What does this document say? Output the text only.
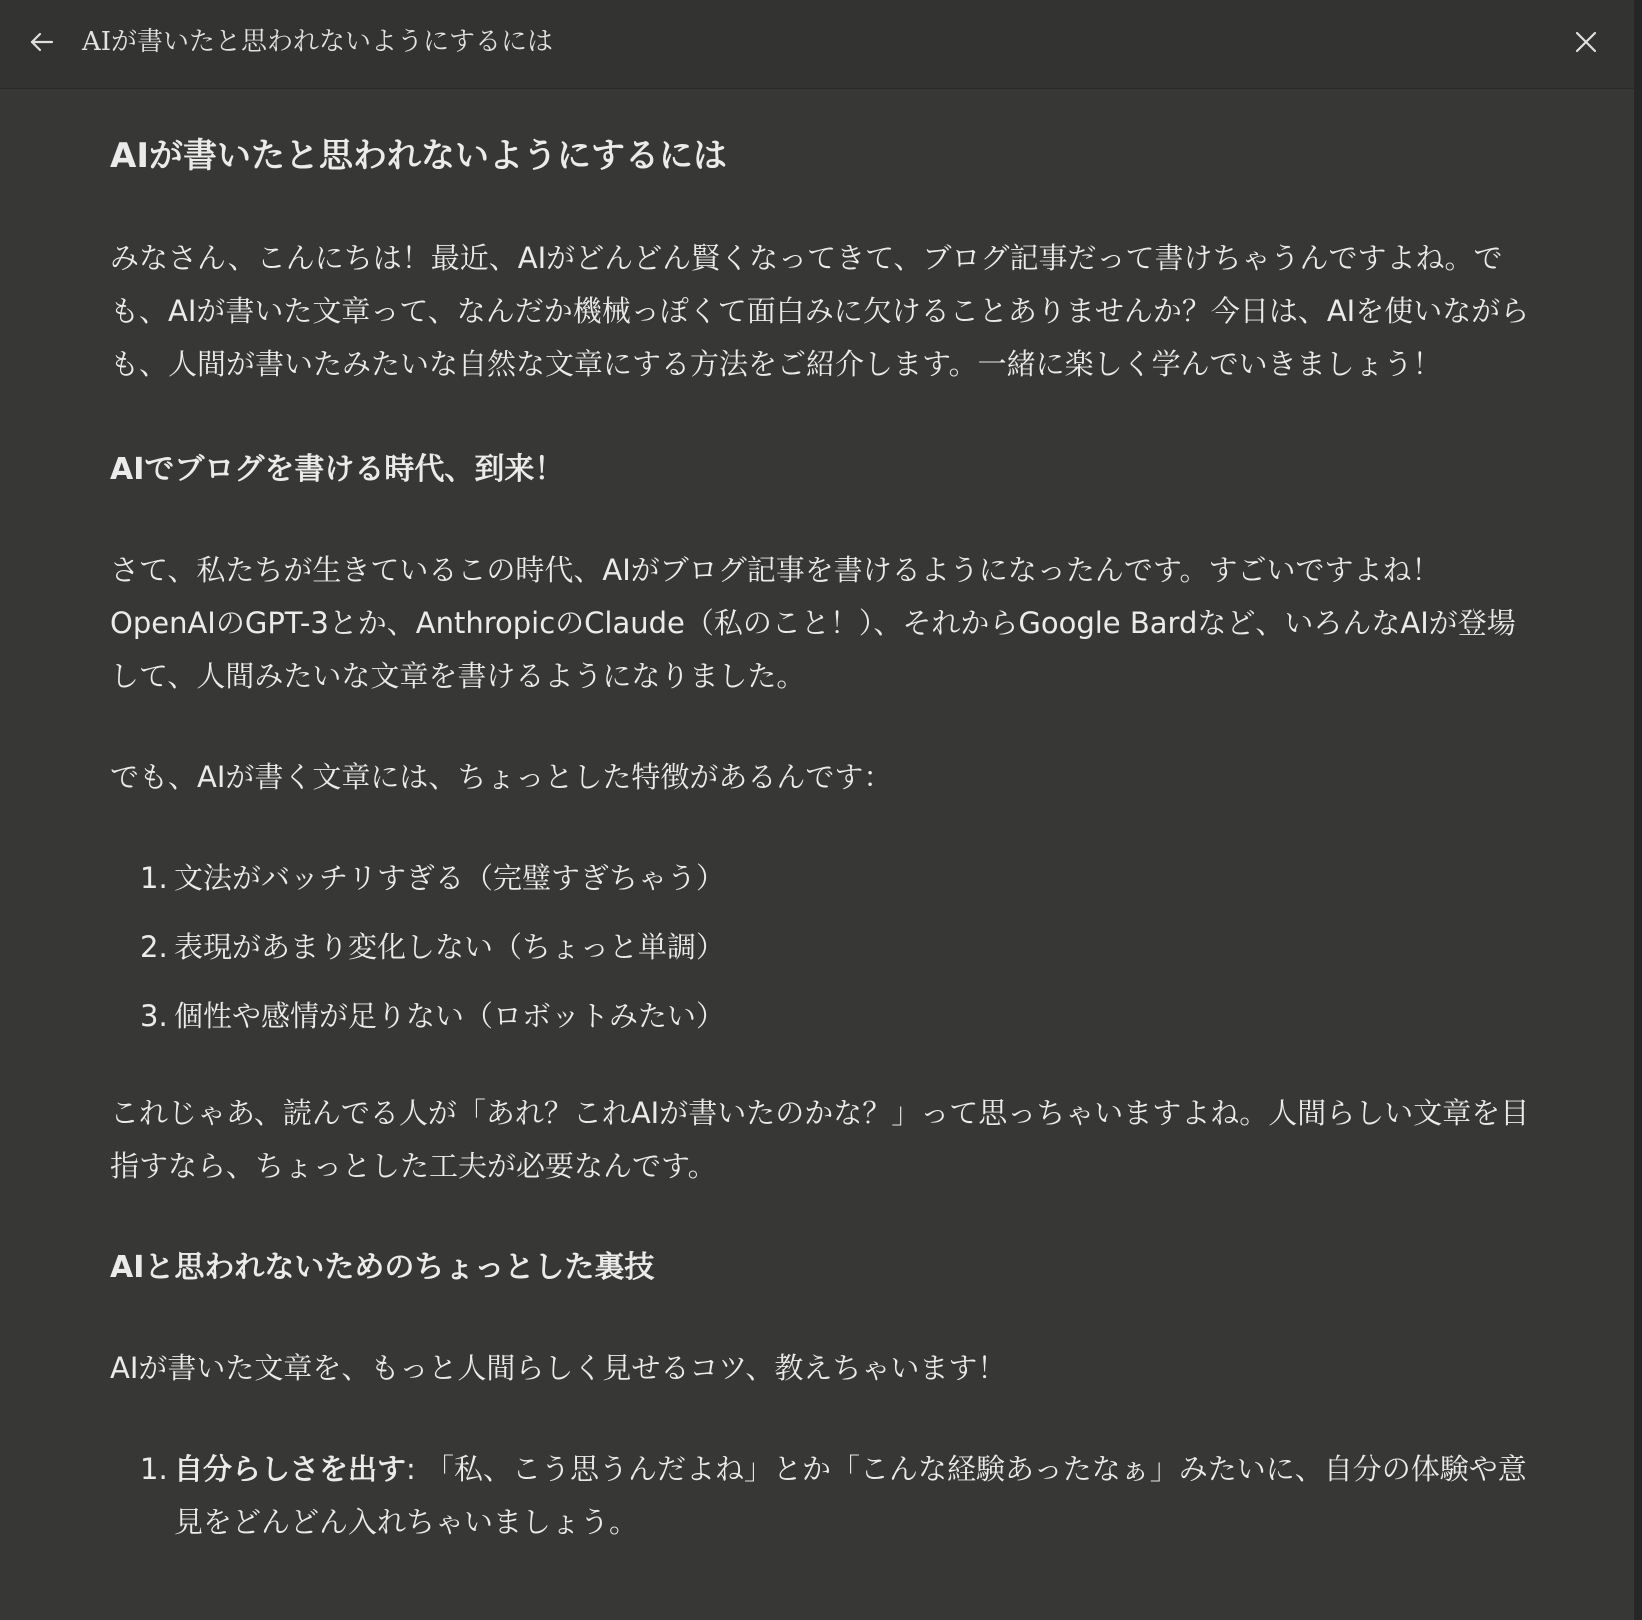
AIが書いたと思われないようにするには
AIが書いたと思われないようにするには

みなさん、こんにちは！最近、AIがどんどん賢くなってきて、ブログ記事だって書けちゃうんですよね。でも、AIが書いた文章って、なんだか機械っぽくて面白みに欠けることありませんか？今日は、AIを使いながらも、人間が書いたみたいな自然な文章にする方法をご紹介します。一緒に楽しく学んでいきましょう！

AIでブログを書ける時代、到来！

さて、私たちが生きているこの時代、AIがブログ記事を書けるようになったんです。すごいですよね！OpenAIのGPT-3とか、AnthropicのClaude（私のこと！）、それからGoogle Bardなど、いろんなAIが登場して、人間みたいな文章を書けるようになりました。

でも、AIが書く文章には、ちょっとした特徴があるんです：

1. 文法がバッチリすぎる（完璧すぎちゃう）
2. 表現があまり変化しない（ちょっと単調）
3. 個性や感情が足りない（ロボットみたい）

これじゃあ、読んでる人が「あれ？これAIが書いたのかな？」って思っちゃいますよね。人間らしい文章を目指すなら、ちょっとした工夫が必要なんです。

AIと思われないためのちょっとした裏技

AIが書いた文章を、もっと人間らしく見せるコツ、教えちゃいます！

1. 自分らしさを出す: 「私、こう思うんだよね」とか「こんな経験あったなぁ」みたいに、自分の体験や意見をどんどん入れちゃいましょう。
